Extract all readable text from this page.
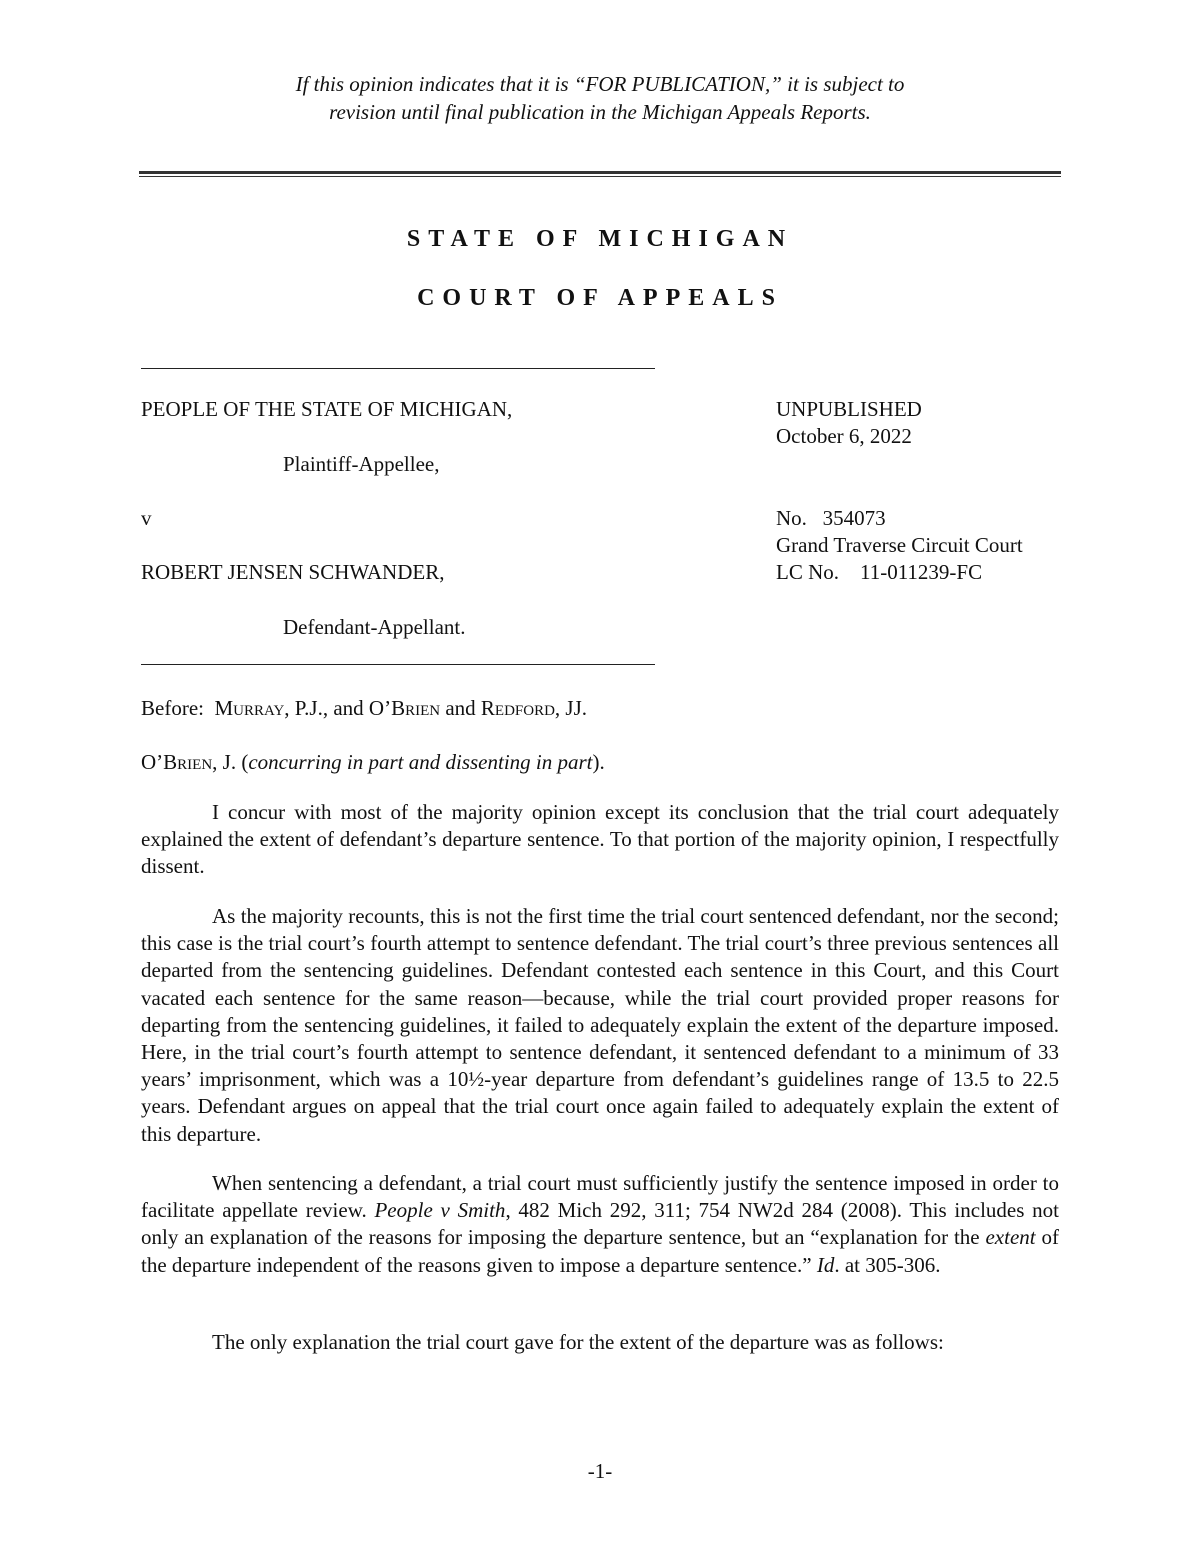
If this opinion indicates that it is “FOR PUBLICATION,” it is subject to
revision until final publication in the Michigan Appeals Reports.
STATE OF MICHIGAN
COURT OF APPEALS
PEOPLE OF THE STATE OF MICHIGAN,
Plaintiff-Appellee,
v
ROBERT JENSEN SCHWANDER,
Defendant-Appellant.
UNPUBLISHED
October 6, 2022
No.   354073
Grand Traverse Circuit Court
LC No.    11-011239-FC
Before:  Murray, P.J., and O’Brien and Redford, JJ.
O’Brien, J. (concurring in part and dissenting in part).

I concur with most of the majority opinion except its conclusion that the trial court adequately explained the extent of defendant’s departure sentence. To that portion of the majority opinion, I respectfully dissent.

As the majority recounts, this is not the first time the trial court sentenced defendant, nor the second; this case is the trial court’s fourth attempt to sentence defendant. The trial court’s three previous sentences all departed from the sentencing guidelines. Defendant contested each sentence in this Court, and this Court vacated each sentence for the same reason—because, while the trial court provided proper reasons for departing from the sentencing guidelines, it failed to adequately explain the extent of the departure imposed. Here, in the trial court’s fourth attempt to sentence defendant, it sentenced defendant to a minimum of 33 years’ imprisonment, which was a 10½-year departure from defendant’s guidelines range of 13.5 to 22.5 years. Defendant argues on appeal that the trial court once again failed to adequately explain the extent of this departure.

When sentencing a defendant, a trial court must sufficiently justify the sentence imposed in order to facilitate appellate review. People v Smith, 482 Mich 292, 311; 754 NW2d 284 (2008). This includes not only an explanation of the reasons for imposing the departure sentence, but an “explanation for the extent of the departure independent of the reasons given to impose a departure sentence.” Id. at 305-306.

The only explanation the trial court gave for the extent of the departure was as follows:

-1-
